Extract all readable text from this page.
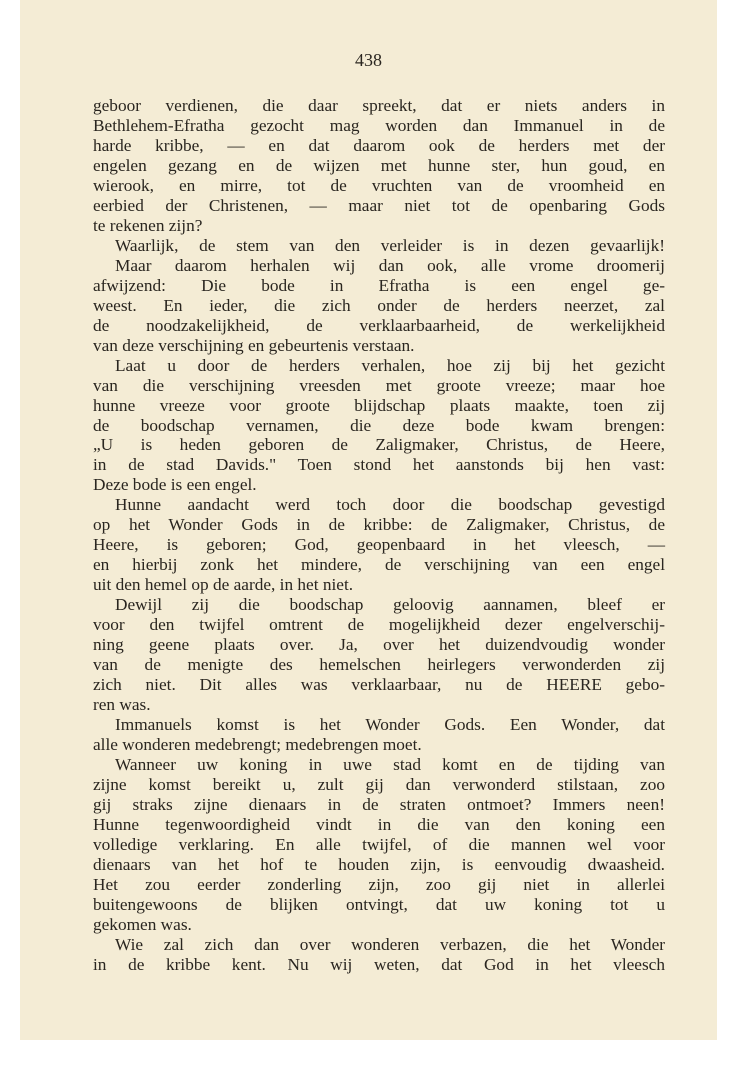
438
geboor verdienen, die daar spreekt, dat er niets anders in
Bethlehem-Efratha gezocht mag worden dan Immanuel in de
harde kribbe, — en dat daarom ook de herders met der
engelen gezang en de wijzen met hunne ster, hun goud, en
wierook, en mirre, tot de vruchten van de vroomheid en
eerbied der Christenen, — maar niet tot de openbaring Gods
te rekenen zijn?
Waarlijk, de stem van den verleider is in dezen gevaarlijk!
Maar daarom herhalen wij dan ook, alle vrome droomerij
afwijzend: Die bode in Efratha is een engel ge-
weest. En ieder, die zich onder de herders neerzet, zal
de noodzakelijkheid, de verklaarbaarheid, de werkelijkheid
van deze verschijning en gebeurtenis verstaan.
Laat u door de herders verhalen, hoe zij bij het gezicht
van die verschijning vreesden met groote vreeze; maar hoe
hunne vreeze voor groote blijdschap plaats maakte, toen zij
de boodschap vernamen, die deze bode kwam brengen:
„U is heden geboren de Zaligmaker, Christus, de Heere,
in de stad Davids." Toen stond het aanstonds bij hen vast:
Deze bode is een engel.
Hunne aandacht werd toch door die boodschap gevestigd
op het Wonder Gods in de kribbe: de Zaligmaker, Christus, de
Heere, is geboren; God, geopenbaard in het vleesch, —
en hierbij zonk het mindere, de verschijning van een engel
uit den hemel op de aarde, in het niet.
Dewijl zij die boodschap geloovig aannamen, bleef er
voor den twijfel omtrent de mogelijkheid dezer engelverschij-
ning geene plaats over. Ja, over het duizendvoudig wonder
van de menigte des hemelschen heirlegers verwonderden zij
zich niet. Dit alles was verklaarbaar, nu de HEERE gebo-
ren was.
Immanuels komst is het Wonder Gods. Een Wonder, dat
alle wonderen medebrengt; medebrengen moet.
Wanneer uw koning in uwe stad komt en de tijding van
zijne komst bereikt u, zult gij dan verwonderd stilstaan, zoo
gij straks zijne dienaars in de straten ontmoet? Immers neen!
Hunne tegenwoordigheid vindt in die van den koning een
volledige verklaring. En alle twijfel, of die mannen wel voor
dienaars van het hof te houden zijn, is eenvoudig dwaasheid.
Het zou eerder zonderling zijn, zoo gij niet in allerlei
buitengewoons de blijken ontvingt, dat uw koning tot u
gekomen was.
Wie zal zich dan over wonderen verbazen, die het Wonder
in de kribbe kent. Nu wij weten, dat God in het vleesch
